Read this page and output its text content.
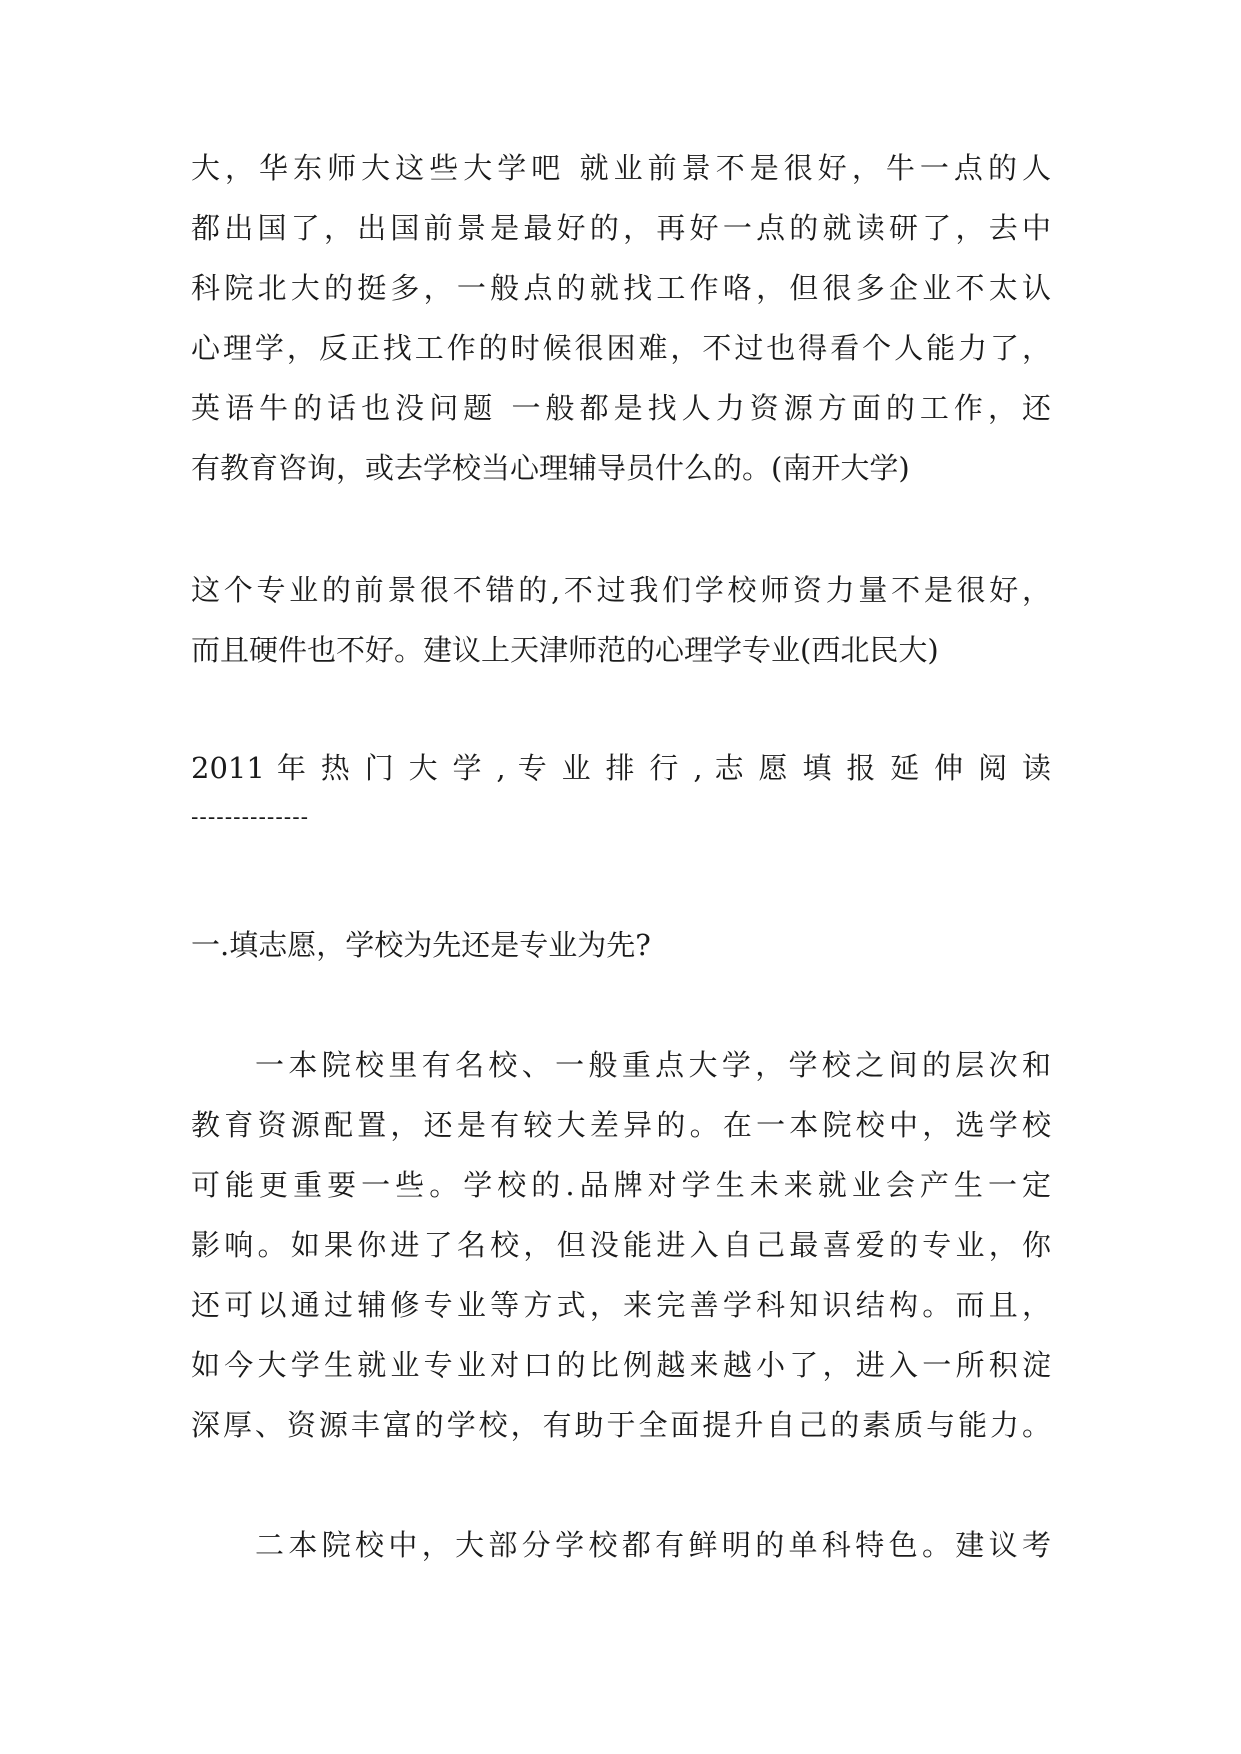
大，华东师大这些大学吧 就业前景不是很好，牛一点的人
都出国了，出国前景是最好的，再好一点的就读研了，去中
科院北大的挺多，一般点的就找工作咯，但很多企业不太认
心理学，反正找工作的时候很困难，不过也得看个人能力了，
英语牛的话也没问题 一般都是找人力资源方面的工作，还
有教育咨询，或去学校当心理辅导员什么的。(南开大学)
这个专业的前景很不错的,不过我们学校师资力量不是很好，
而且硬件也不好。建议上天津师范的心理学专业(西北民大)
2011 年 热 门 大 学 , 专 业 排 行 , 志 愿 填 报 延 伸 阅 读
--------------
一.填志愿，学校为先还是专业为先?
一本院校里有名校、一般重点大学，学校之间的层次和
教育资源配置，还是有较大差异的。在一本院校中，选学校
可能更重要一些。学校的.品牌对学生未来就业会产生一定
影响。如果你进了名校，但没能进入自己最喜爱的专业，你
还可以通过辅修专业等方式，来完善学科知识结构。而且，
如今大学生就业专业对口的比例越来越小了，进入一所积淀
深厚、资源丰富的学校，有助于全面提升自己的素质与能力。
二本院校中，大部分学校都有鲜明的单科特色。建议考
